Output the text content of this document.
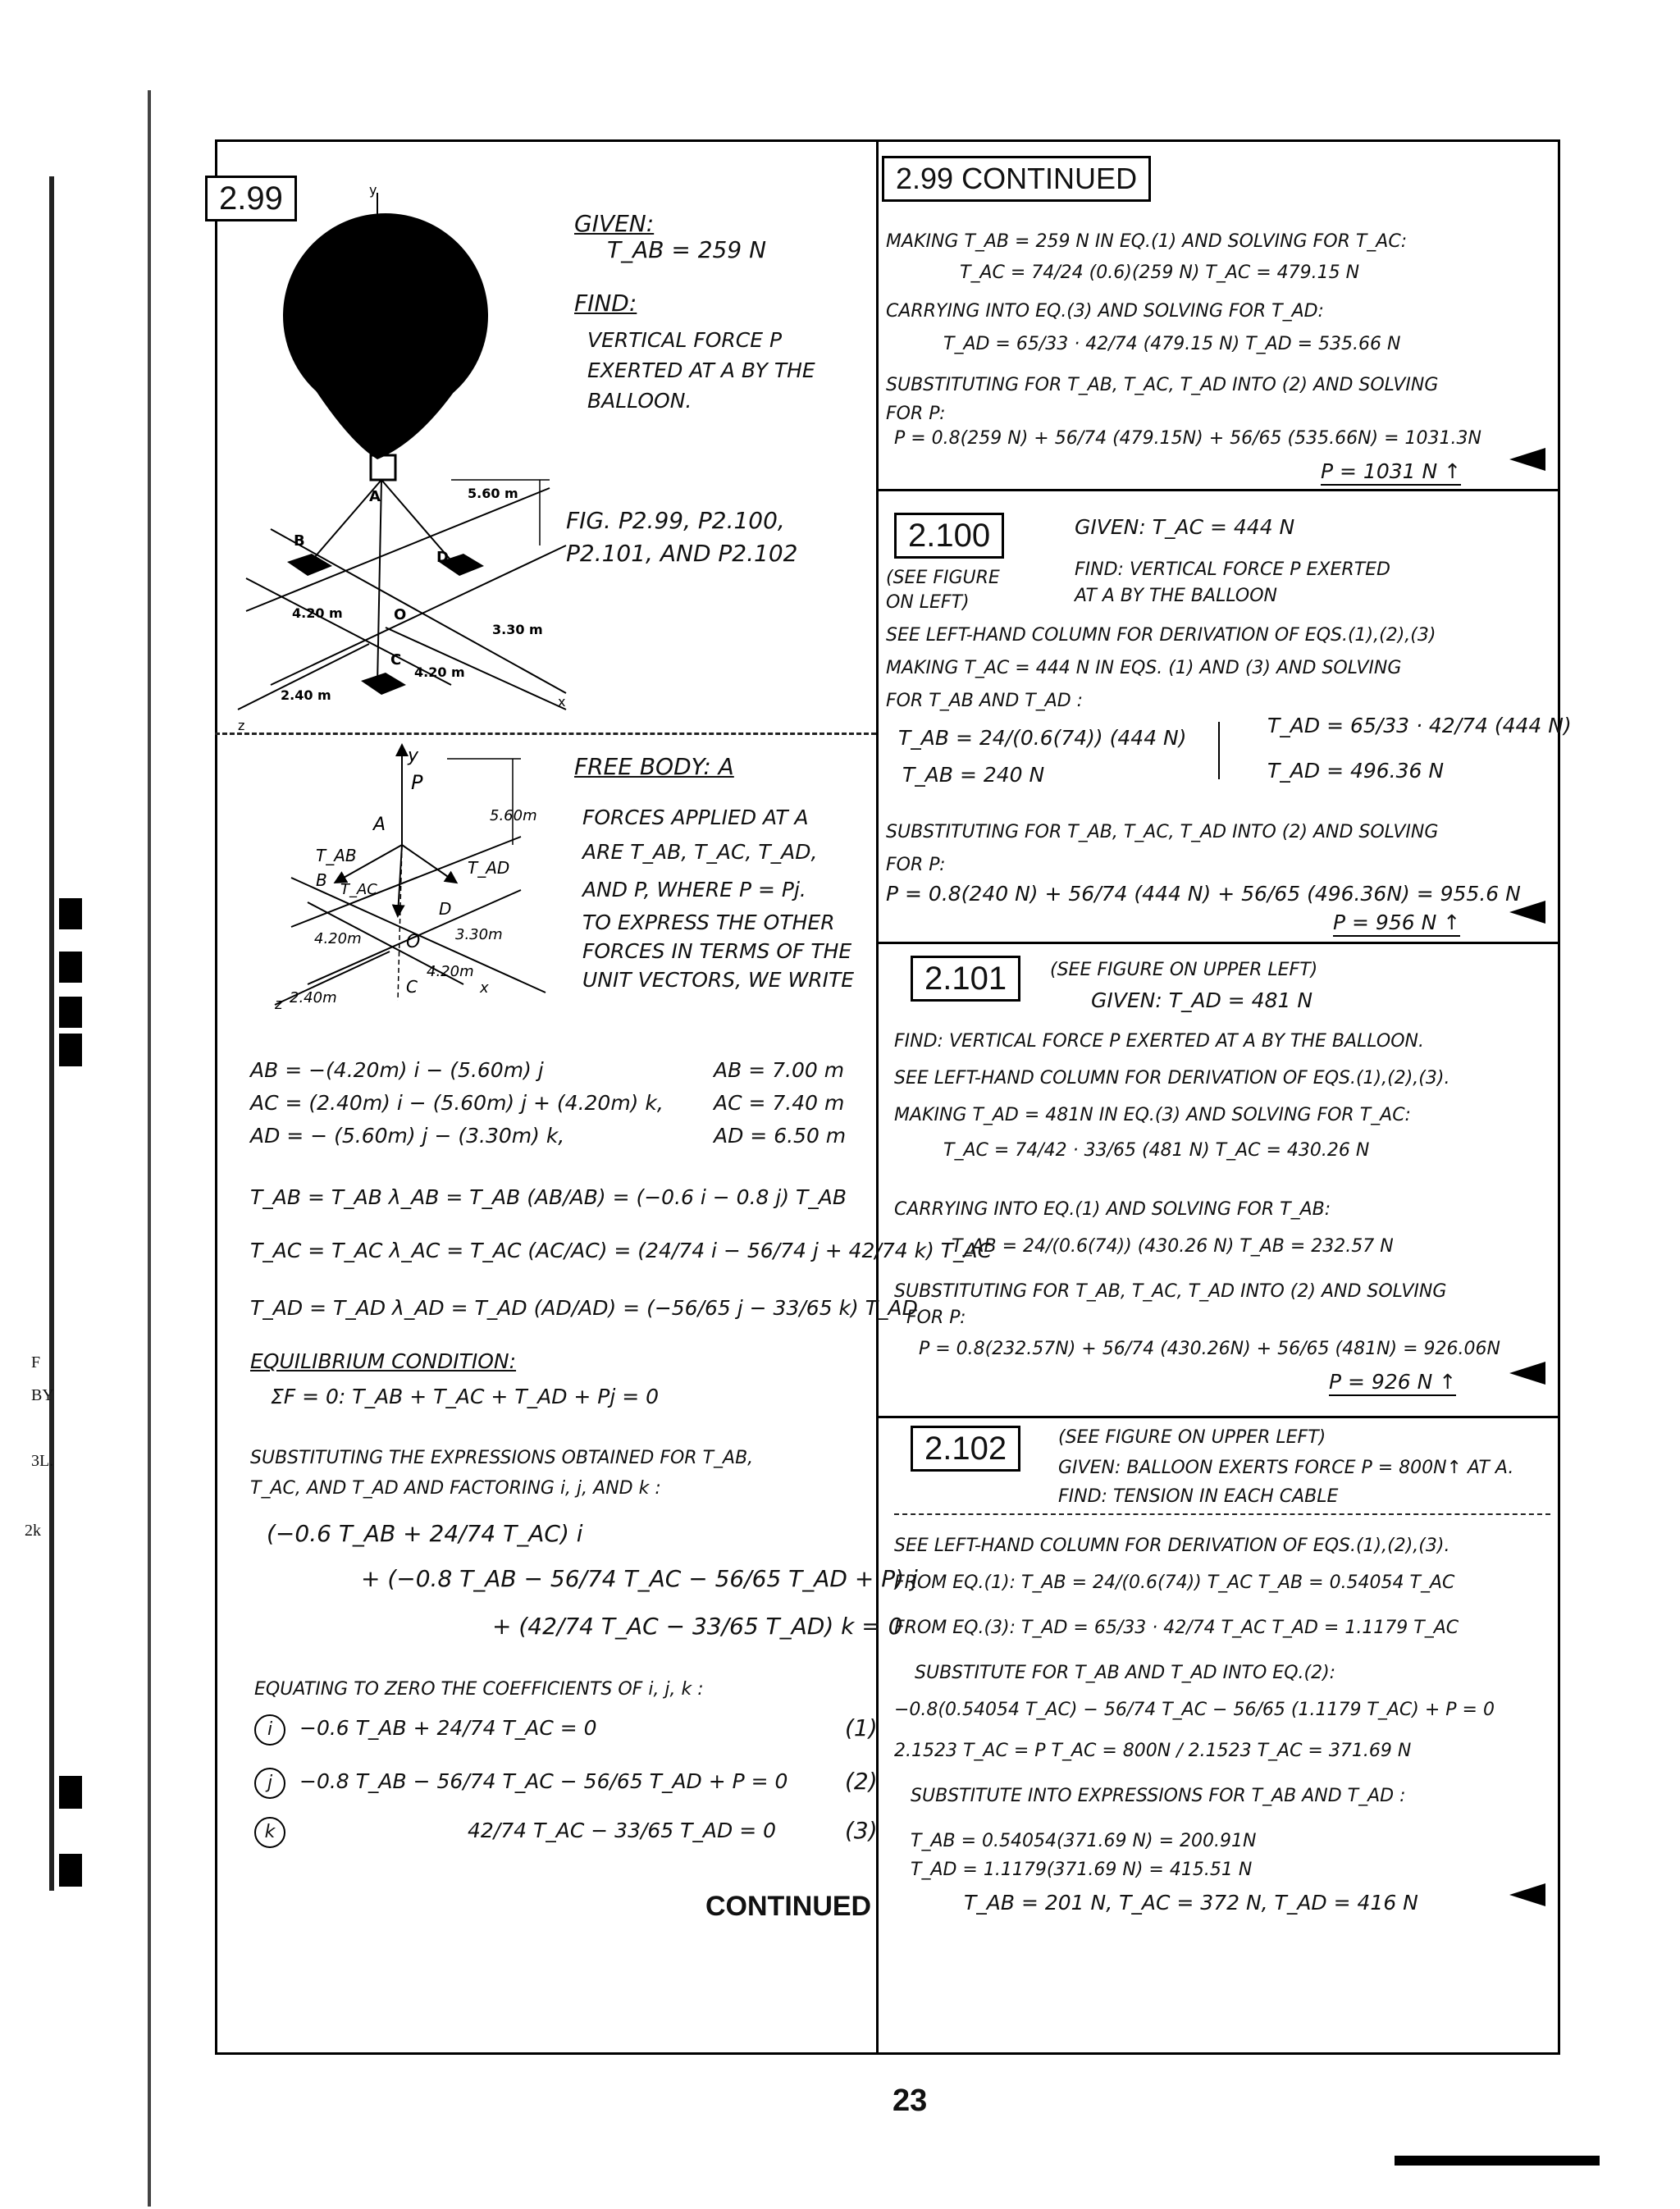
F
BY
3L.
2k
2.99
GIVEN:
T_AB = 259 N
FIND:
VERTICAL FORCE P
EXERTED AT A BY THE
BALLOON.
FIG. P2.99, P2.100,
P2.101, AND P2.102
A
B
D
O
C
y
z
x
5.60 m
4.20 m
3.30 m
4.20 m
2.40 m
FREE BODY: A
FORCES APPLIED AT A
ARE T_AB, T_AC, T_AD,
AND P, WHERE P = Pj.
TO EXPRESS THE OTHER
FORCES IN TERMS OF THE
UNIT VECTORS, WE WRITE
y
P
A
T_AB
T_AD
T_AC
B
D
O
C
z
x
5.60m
4.20m	3.30m
4.20m
2.40m
AB = −(4.20m) i − (5.60m) j	AB = 7.00 m
AC = (2.40m) i − (5.60m) j + (4.20m) k, AC = 7.40 m
AD = − (5.60m) j − (3.30m) k,	AD = 6.50 m
T_AB = T_AB λ_AB = T_AB (AB/AB) = (−0.6 i − 0.8 j) T_AB
T_AC = T_AC λ_AC = T_AC (AC/AC) = (24/74 i − 56/74 j + 42/74 k) T_AC
T_AD = T_AD λ_AD = T_AD (AD/AD) = (−56/65 j − 33/65 k) T_AD
EQUILIBRIUM CONDITION:
ΣF = 0: T_AB + T_AC + T_AD + Pj = 0
SUBSTITUTING THE EXPRESSIONS OBTAINED FOR T_AB,
T_AC, AND T_AD AND FACTORING i, j, AND k :
(−0.6 T_AB + 24/74 T_AC) i
+ (−0.8 T_AB − 56/74 T_AC − 56/65 T_AD + P) j
+ (42/74 T_AC − 33/65 T_AD) k = 0
EQUATING TO ZERO THE COEFFICIENTS OF i, j, k :
i	−0.6 T_AB + 24/74 T_AC = 0	(1)
j	−0.8 T_AB − 56/74 T_AC − 56/65 T_AD + P = 0 (2)
k	42/74 T_AC − 33/65 T_AD = 0	(3)
CONTINUED
2.99 CONTINUED
MAKING T_AB = 259 N IN EQ.(1) AND SOLVING FOR T_AC:
T_AC = 74/24 (0.6)(259 N) T_AC = 479.15 N
CARRYING INTO EQ.(3) AND SOLVING FOR T_AD:
T_AD = 65/33 · 42/74 (479.15 N) T_AD = 535.66 N
SUBSTITUTING FOR T_AB, T_AC, T_AD INTO (2) AND SOLVING
FOR P:
P = 0.8(259 N) + 56/74 (479.15N) + 56/65 (535.66N) = 1031.3N
P = 1031 N ↑
2.100	GIVEN: T_AC = 444 N
(SEE FIGURE
ON LEFT)
FIND: VERTICAL FORCE P EXERTED
AT A BY THE BALLOON
SEE LEFT-HAND COLUMN FOR DERIVATION OF EQS.(1),(2),(3)
MAKING T_AC = 444 N IN EQS. (1) AND (3) AND SOLVING
FOR T_AB AND T_AD :
T_AB = 24/(0.6(74)) (444 N)
T_AB = 240 N
T_AD = 65/33 · 42/74 (444 N)
T_AD = 496.36 N
SUBSTITUTING FOR T_AB, T_AC, T_AD INTO (2) AND SOLVING
FOR P:
P = 0.8(240 N) + 56/74 (444 N) + 56/65 (496.36N) = 955.6 N
P = 956 N ↑
2.101	(SEE FIGURE ON UPPER LEFT)
GIVEN: T_AD = 481 N
FIND: VERTICAL FORCE P EXERTED AT A BY THE BALLOON.
SEE LEFT-HAND COLUMN FOR DERIVATION OF EQS.(1),(2),(3).
MAKING T_AD = 481N IN EQ.(3) AND SOLVING FOR T_AC:
T_AC = 74/42 · 33/65 (481 N) T_AC = 430.26 N
CARRYING INTO EQ.(1) AND SOLVING FOR T_AB:
T_AB = 24/(0.6(74)) (430.26 N) T_AB = 232.57 N
SUBSTITUTING FOR T_AB, T_AC, T_AD INTO (2) AND SOLVING
FOR P:
P = 0.8(232.57N) + 56/74 (430.26N) + 56/65 (481N) = 926.06N
P = 926 N ↑
2.102	(SEE FIGURE ON UPPER LEFT)
GIVEN: BALLOON EXERTS FORCE P = 800N↑ AT A.
FIND: TENSION IN EACH CABLE
SEE LEFT-HAND COLUMN FOR DERIVATION OF EQS.(1),(2),(3).
FROM EQ.(1): T_AB = 24/(0.6(74)) T_AC T_AB = 0.54054 T_AC
FROM EQ.(3): T_AD = 65/33 · 42/74 T_AC T_AD = 1.1179 T_AC
SUBSTITUTE FOR T_AB AND T_AD INTO EQ.(2):
−0.8(0.54054 T_AC) − 56/74 T_AC − 56/65 (1.1179 T_AC) + P = 0
2.1523 T_AC = P T_AC = 800N / 2.1523 T_AC = 371.69 N
SUBSTITUTE INTO EXPRESSIONS FOR T_AB AND T_AD :
T_AB = 0.54054(371.69 N) = 200.91N
T_AD = 1.1179(371.69 N) = 415.51 N
T_AB = 201 N, T_AC = 372 N, T_AD = 416 N
23
